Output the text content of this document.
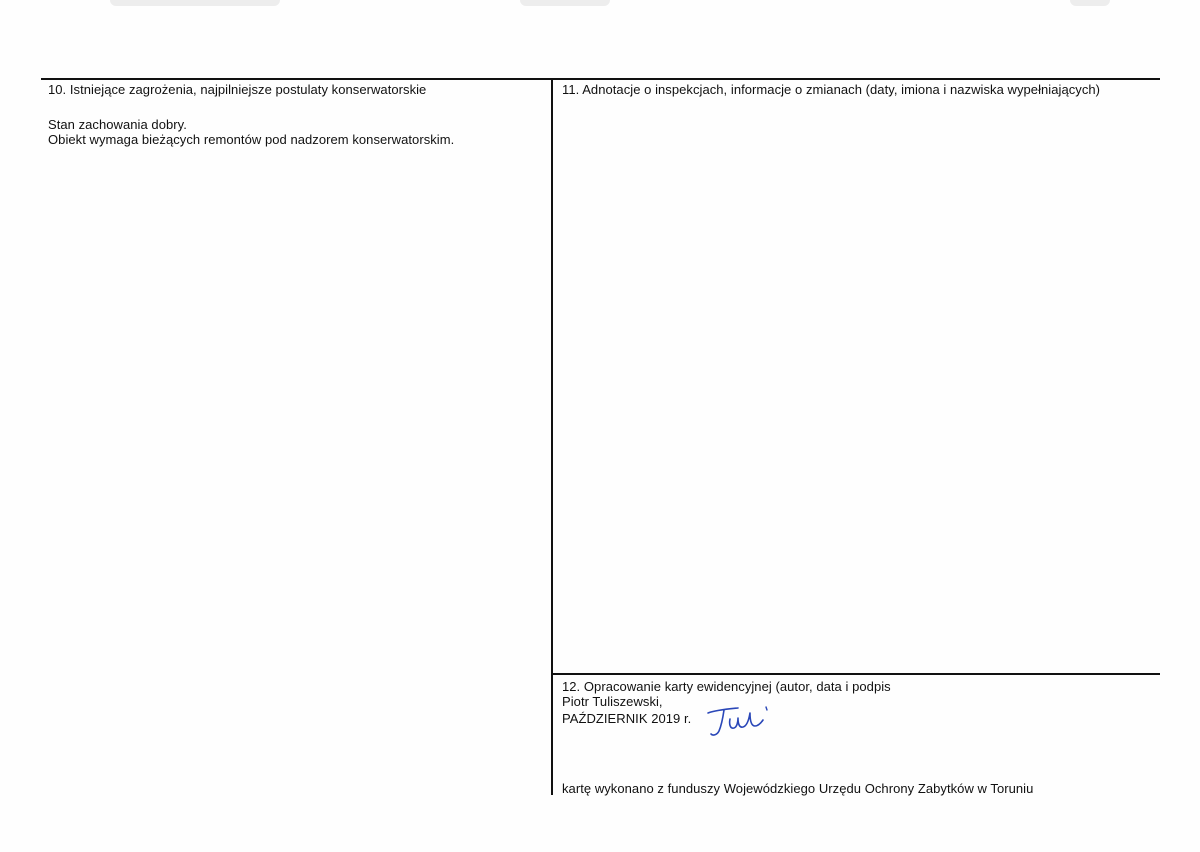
10. Istniejące zagrożenia, najpilniejsze postulaty konserwatorskie
Stan zachowania dobry.
Obiekt wymaga bieżących remontów pod nadzorem konserwatorskim.
11. Adnotacje o inspekcjach, informacje o zmianach (daty, imiona i nazwiska wypełniających)
12. Opracowanie karty ewidencyjnej (autor, data i podpis
Piotr Tuliszewski,
PAŹDZIERNIK 2019 r.
kartę wykonano z funduszy Wojewódzkiego Urzędu Ochrony Zabytków w Toruniu
